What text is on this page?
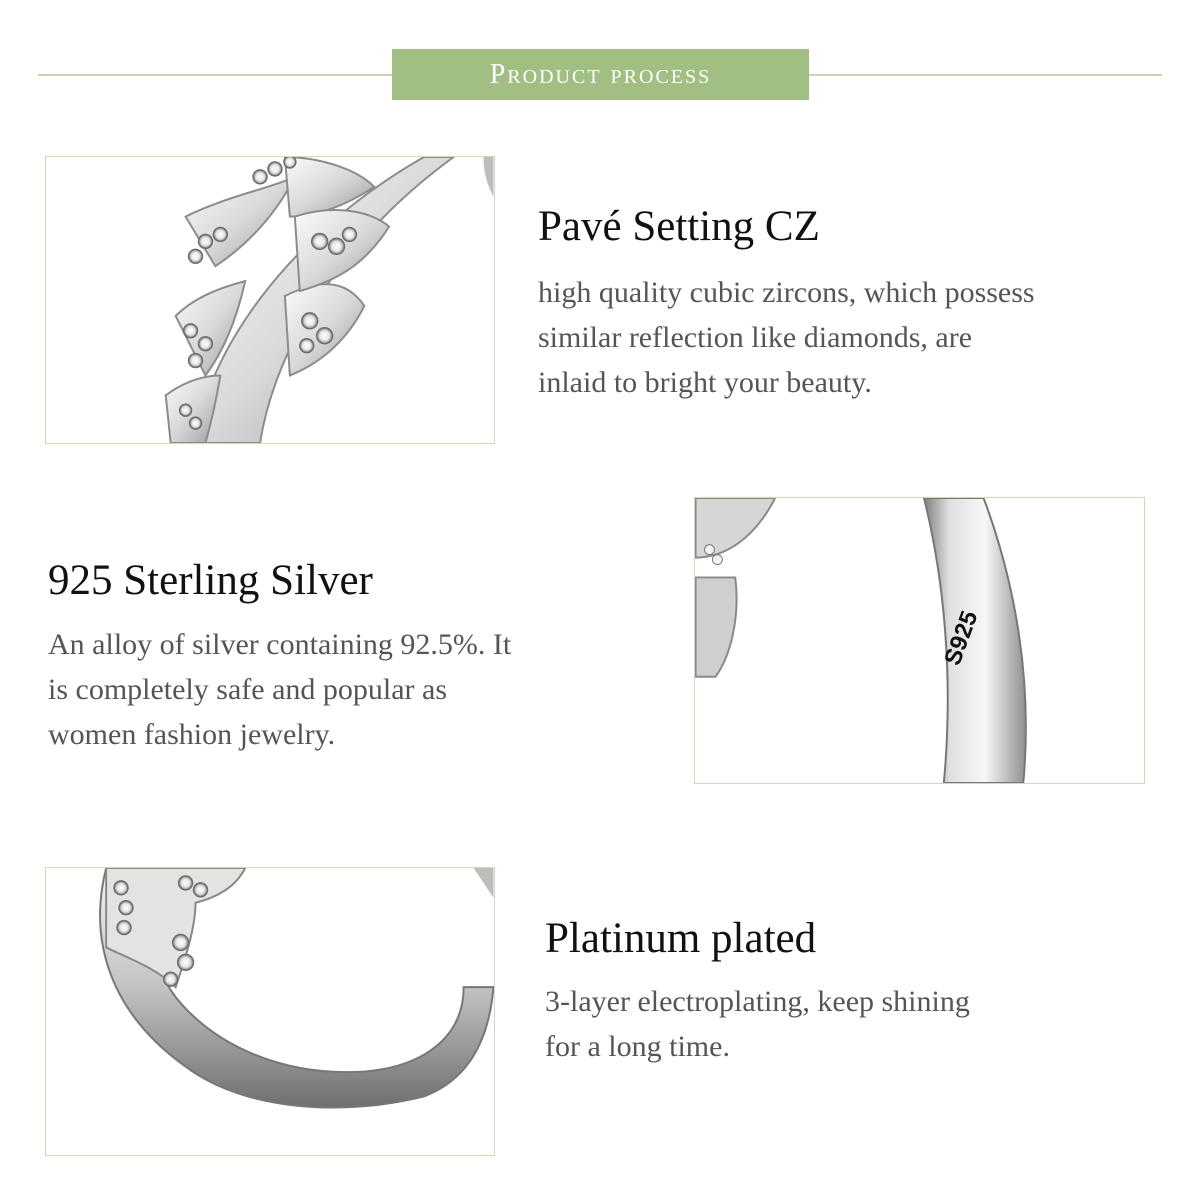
Product process
Pavé Setting CZ

high quality cubic zircons, which possess

similar reflection like diamonds, are

inlaid to bright your beauty.

925 Sterling Silver

An alloy of silver containing 92.5%. It

is completely safe and popular as

women fashion jewelry.

S925
Platinum plated

3-layer electroplating, keep shining

for a long time.
